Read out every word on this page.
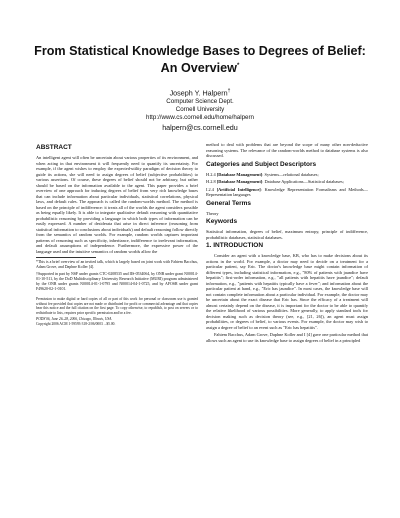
From Statistical Knowledge Bases to Degrees of Belief:
An Overview*
Joseph Y. Halpern†
Computer Science Dept.
Cornell University
http://www.cs.cornell.edu/home/halpern
halpern@cs.cornell.edu
ABSTRACT

An intelligent agent will often be uncertain about various properties of its environment, and when acting in that environment it will frequently need to quantify its uncertainty. For example, if the agent wishes to employ the expected-utility paradigm of decision theory to guide its actions, she will need to assign degrees of belief (subjective probabilities) to various assertions. Of course, these degrees of belief should not be arbitrary, but rather should be based on the information available to the agent. This paper provides a brief overview of one approach for inducing degrees of belief from very rich knowledge bases that can include information about particular individuals, statistical correlations, physical laws, and default rules. The approach is called the random-worlds method. The method is based on the principle of indifference: it treats all of the worlds the agent considers possible as being equally likely. It is able to integrate qualitative default reasoning with quantitative probabilistic reasoning by providing a language in which both types of information can be easily expressed. A number of desiderata that arise in direct inference (reasoning from statistical information to conclusions about individuals) and default reasoning follow directly from the semantics of random worlds. For example, random worlds captures important patterns of reasoning such as specificity, inheritance, indifference to irrelevant information, and default assumptions of independence. Furthermore, the expressive power of the language used and the intuitive semantics of random worlds allow the

*This is a brief overview of an invited talk, which is largely based on joint work with Fahiem Bacchus, Adam Grove, and Daphne Koller [4].

†Supported in part by NSF under grants CTC-0208535 and IIS-0534064, by ONR under grant N00014-01-10-511, by the DoD Multidisciplinary University Research Initiative (MURI) program administered by the ONR under grants N00014-01-1-0795 and N00014-04-1-0725, and by AFOSR under grant F49620-02-1-0101.

Permission to make digital or hard copies of all or part of this work for personal or classroom use is granted without fee provided that copies are not made or distributed for profit or commercial advantage and that copies bear this notice and the full citation on the first page. To copy otherwise, to republish, to post on servers or to redistribute to lists, requires prior specific permission and/or a fee.

PODS'06, June 26–28, 2006, Chicago, Illinois, USA.
Copyright 2006 ACM 1-59593-318-2/06/0003 ...$5.00.

method to deal with problems that are beyond the scope of many other non-deductive reasoning systems. The relevance of the random-worlds method to database systems is also discussed.

Categories and Subject Descriptors

H.2.4 [Database Management]: Systems—relational databases;

H.2.8 [Database Management]: Database Applications—Statistical databases;

I.2.4 [Artificial Intelligence]: Knowledge Representation Formalisms and Methods—Representation languages

General Terms

Theory

Keywords

Statistical information, degrees of belief, maximum entropy, principle of indifference, probabilistic databases, statistical databases.

1. INTRODUCTION

Consider an agent with a knowledge base, KB, who has to make decisions about its actions in the world. For example, a doctor may need to decide on a treatment for a particular patient, say Eric. The doctor's knowledge base might contain information of different types, including statistical information, e.g., "80% of patients with jaundice have hepatitis"; first-order information, e.g., "all patients with hepatitis have jaundice"; default information, e.g., "patients with hepatitis typically have a fever"; and information about the particular patient at hand, e.g., "Eric has jaundice". In most cases, the knowledge base will not contain complete information about a particular individual. For example, the doctor may be uncertain about the exact disease that Eric has. Since the efficacy of a treatment will almost certainly depend on the disease, it is important for the doctor to be able to quantify the relative likelihood of various possibilities. More generally, to apply standard tools for decision making such as decision theory (see, e.g., [21, 26]), an agent must assign probabilities, or degrees of belief, to various events. For example, the doctor may wish to assign a degree of belief to an event such as "Eric has hepatitis".

Fahiem Bacchus, Adam Grove, Daphne Koller and I [4] gave one particular method that allows such an agent to use its knowledge base to assign degrees of belief in a principled
